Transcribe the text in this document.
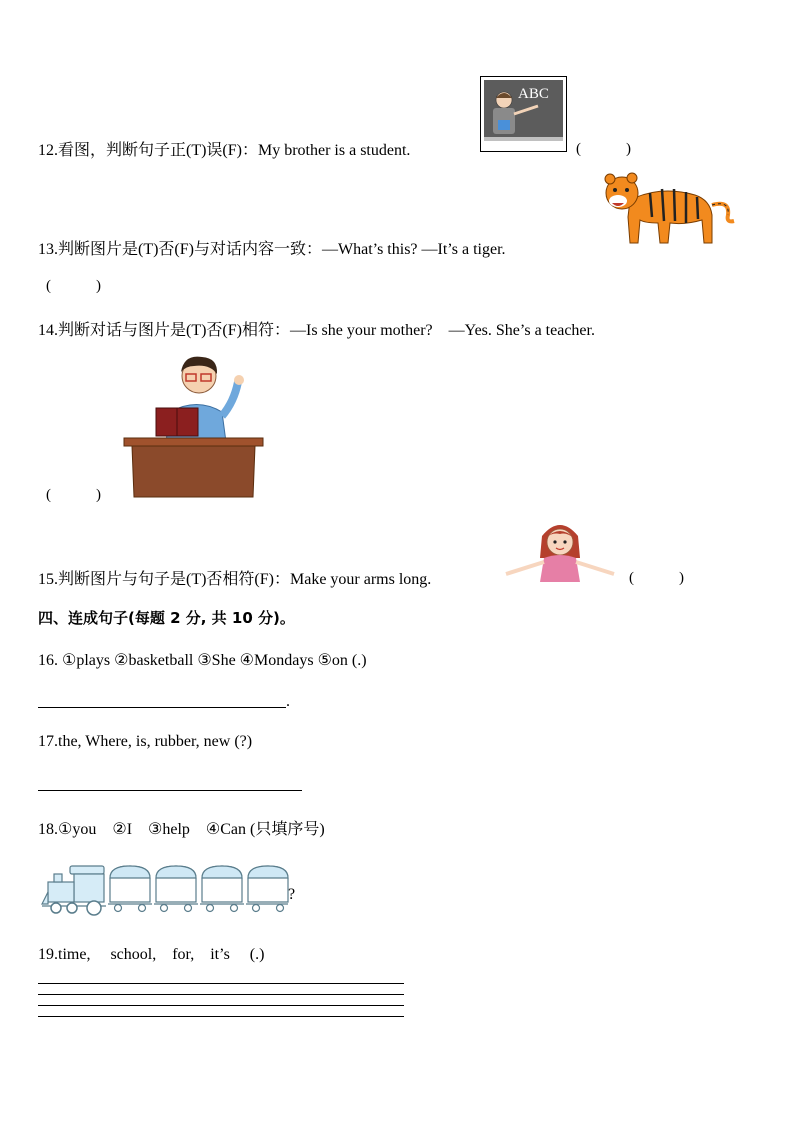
ABC
12.看图，判断句子正(T)误(F)：My brother is a student.	(　　　)
13.判断图片是(T)否(F)与对话内容一致：—What’s this? —It’s a tiger.
(　　　)
14.判断对话与图片是(T)否(F)相符：—Is she your mother?　—Yes. She’s a teacher.
(　　　)
15.判断图片与句子是(T)否相符(F)：Make your arms long.	(　　　)
四、连成句子(每题 2 分, 共 10 分)。
16. ①plays ②basketball ③She ④Mondays ⑤on (.)
.
17.the, Where, is, rubber, new (?)
18.①you　②I　③help　④Can (只填序号)
?
19.time,　 school,　for,　it’s　 (.)
